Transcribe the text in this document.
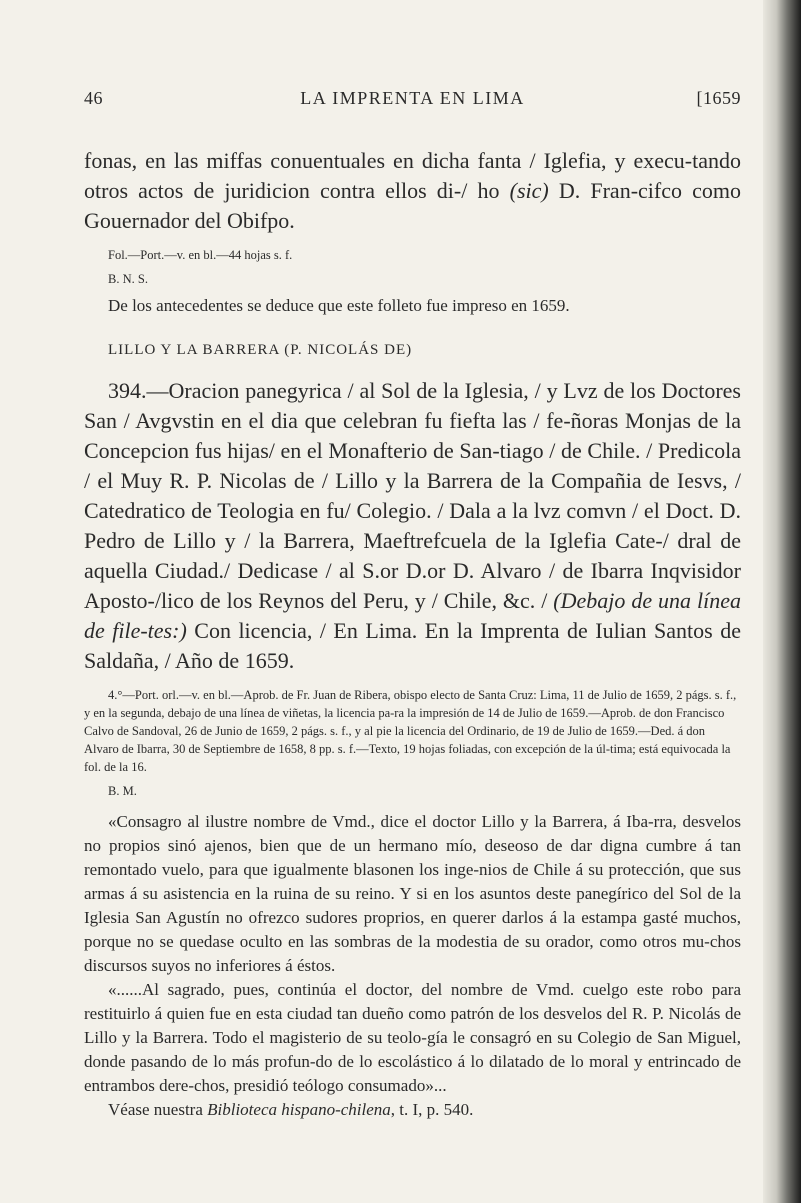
46	LA IMPRENTA EN LIMA	[1659

fonas, en las miffas conuentuales en dicha fanta / Iglefia, y execu-tando otros actos de juridicion contra ellos di-/ ho (sic) D. Fran-cifco como Gouernador del Obifpo.

Fol.—Port.—v. en bl.—44 hojas s. f.

B. N. S.

De los antecedentes se deduce que este folleto fue impreso en 1659.

LILLO Y LA BARRERA (P. NICOLÁS DE)

394.—Oracion panegyrica / al Sol de la Iglesia, / y Lvz de los Doctores San / Avgvstin en el dia que celebran fu fiefta las / fe-ñoras Monjas de la Concepcion fus hijas/ en el Monafterio de San-tiago / de Chile. / Predicola / el Muy R. P. Nicolas de / Lillo y la Barrera de la Compañia de Iesvs, / Catedratico de Teologia en fu/ Colegio. / Dala a la lvz comvn / el Doct. D. Pedro de Lillo y / la Barrera, Maeftrefcuela de la Iglefia Cate-/ dral de aquella Ciudad./ Dedicase / al S.or D.or D. Alvaro / de Ibarra Inqvisidor Aposto-/lico de los Reynos del Peru, y / Chile, &c. / (Debajo de una línea de file-tes:) Con licencia, / En Lima. En la Imprenta de Iulian Santos de Saldaña, / Año de 1659.

4.°—Port. orl.—v. en bl.—Aprob. de Fr. Juan de Ribera, obispo electo de Santa Cruz: Lima, 11 de Julio de 1659, 2 págs. s. f., y en la segunda, debajo de una línea de viñetas, la licencia pa-ra la impresión de 14 de Julio de 1659.—Aprob. de don Francisco Calvo de Sandoval, 26 de Junio de 1659, 2 págs. s. f., y al pie la licencia del Ordinario, de 19 de Julio de 1659.—Ded. á don Alvaro de Ibarra, 30 de Septiembre de 1658, 8 pp. s. f.—Texto, 19 hojas foliadas, con excepción de la úl-tima; está equivocada la fol. de la 16.

B. M.

«Consagro al ilustre nombre de Vmd., dice el doctor Lillo y la Barrera, á Iba-rra, desvelos no propios sinó ajenos, bien que de un hermano mío, deseoso de dar digna cumbre á tan remontado vuelo, para que igualmente blasonen los inge-nios de Chile á su protección, que sus armas á su asistencia en la ruina de su reino. Y si en los asuntos deste panegírico del Sol de la Iglesia San Agustín no ofrezco sudores proprios, en querer darlos á la estampa gasté muchos, porque no se quedase oculto en las sombras de la modestia de su orador, como otros mu-chos discursos suyos no inferiores á éstos.

«......Al sagrado, pues, continúa el doctor, del nombre de Vmd. cuelgo este robo para restituirlo á quien fue en esta ciudad tan dueño como patrón de los desvelos del R. P. Nicolás de Lillo y la Barrera. Todo el magisterio de su teolo-gía le consagró en su Colegio de San Miguel, donde pasando de lo más profun-do de lo escolástico á lo dilatado de lo moral y entrincado de entrambos dere-chos, presidió teólogo consumado»...

Véase nuestra Biblioteca hispano-chilena, t. I, p. 540.
